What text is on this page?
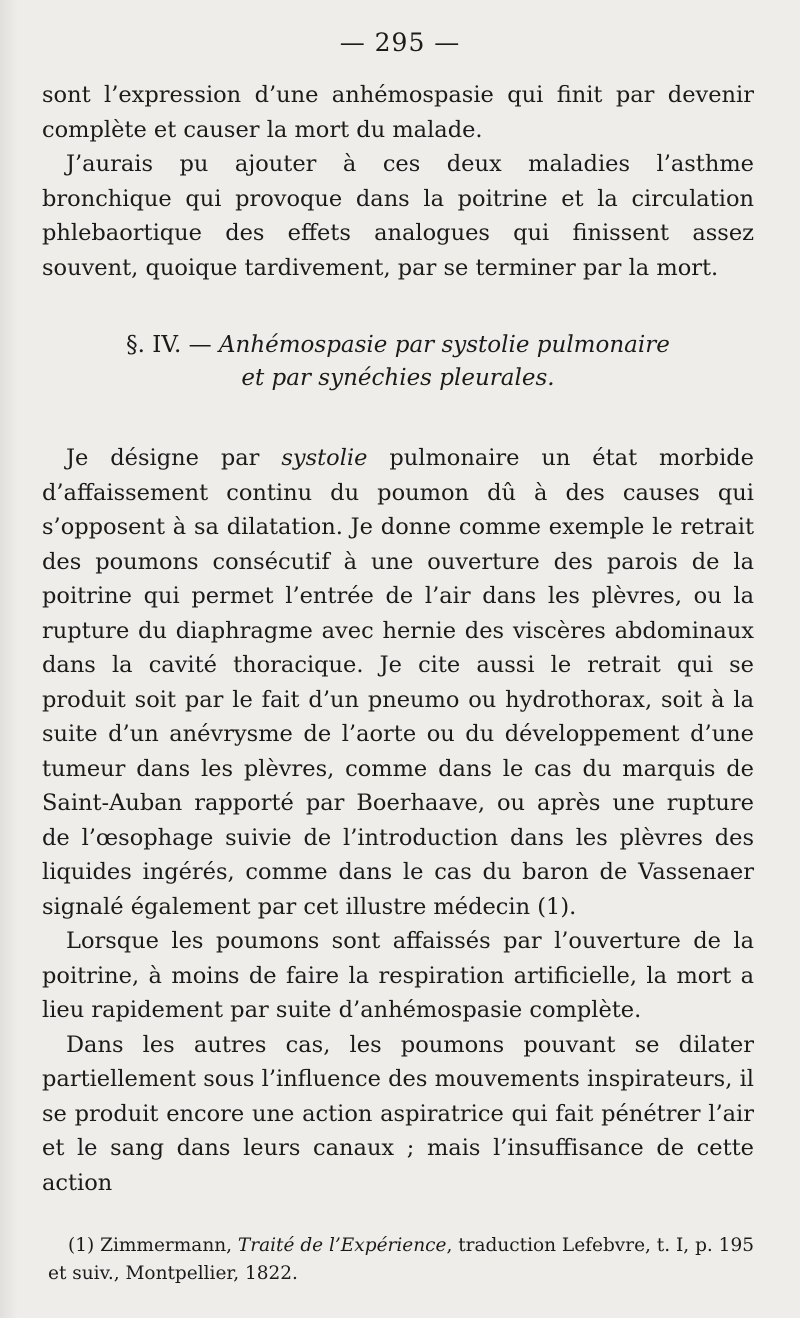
— 295 —

sont l’expression d’une anhémospasie qui finit par devenir complète et causer la mort du malade.

J’aurais pu ajouter à ces deux maladies l’asthme bronchique qui provoque dans la poitrine et la circulation phlebaortique des effets analogues qui finissent assez souvent, quoique tardivement, par se terminer par la mort.

§. IV. — Anhémospasie par systolie pulmonaire
et par synéchies pleurales.

Je désigne par systolie pulmonaire un état morbide d’affaissement continu du poumon dû à des causes qui s’opposent à sa dilatation. Je donne comme exemple le retrait des poumons consécutif à une ouverture des parois de la poitrine qui permet l’entrée de l’air dans les plèvres, ou la rupture du diaphragme avec hernie des viscères abdominaux dans la cavité thoracique. Je cite aussi le retrait qui se produit soit par le fait d’un pneumo ou hydrothorax, soit à la suite d’un anévrysme de l’aorte ou du développement d’une tumeur dans les plèvres, comme dans le cas du marquis de Saint-Auban rapporté par Boerhaave, ou après une rupture de l’œsophage suivie de l’introduction dans les plèvres des liquides ingérés, comme dans le cas du baron de Vassenaer signalé également par cet illustre médecin (1).

Lorsque les poumons sont affaissés par l’ouverture de la poitrine, à moins de faire la respiration artificielle, la mort a lieu rapidement par suite d’anhémospasie complète.

Dans les autres cas, les poumons pouvant se dilater partiellement sous l’influence des mouvements inspirateurs, il se produit encore une action aspiratrice qui fait pénétrer l’air et le sang dans leurs canaux ; mais l’insuffisance de cette action

(1) Zimmermann, Traité de l’Expérience, traduction Lefebvre, t. I, p. 195 et suiv., Montpellier, 1822.
